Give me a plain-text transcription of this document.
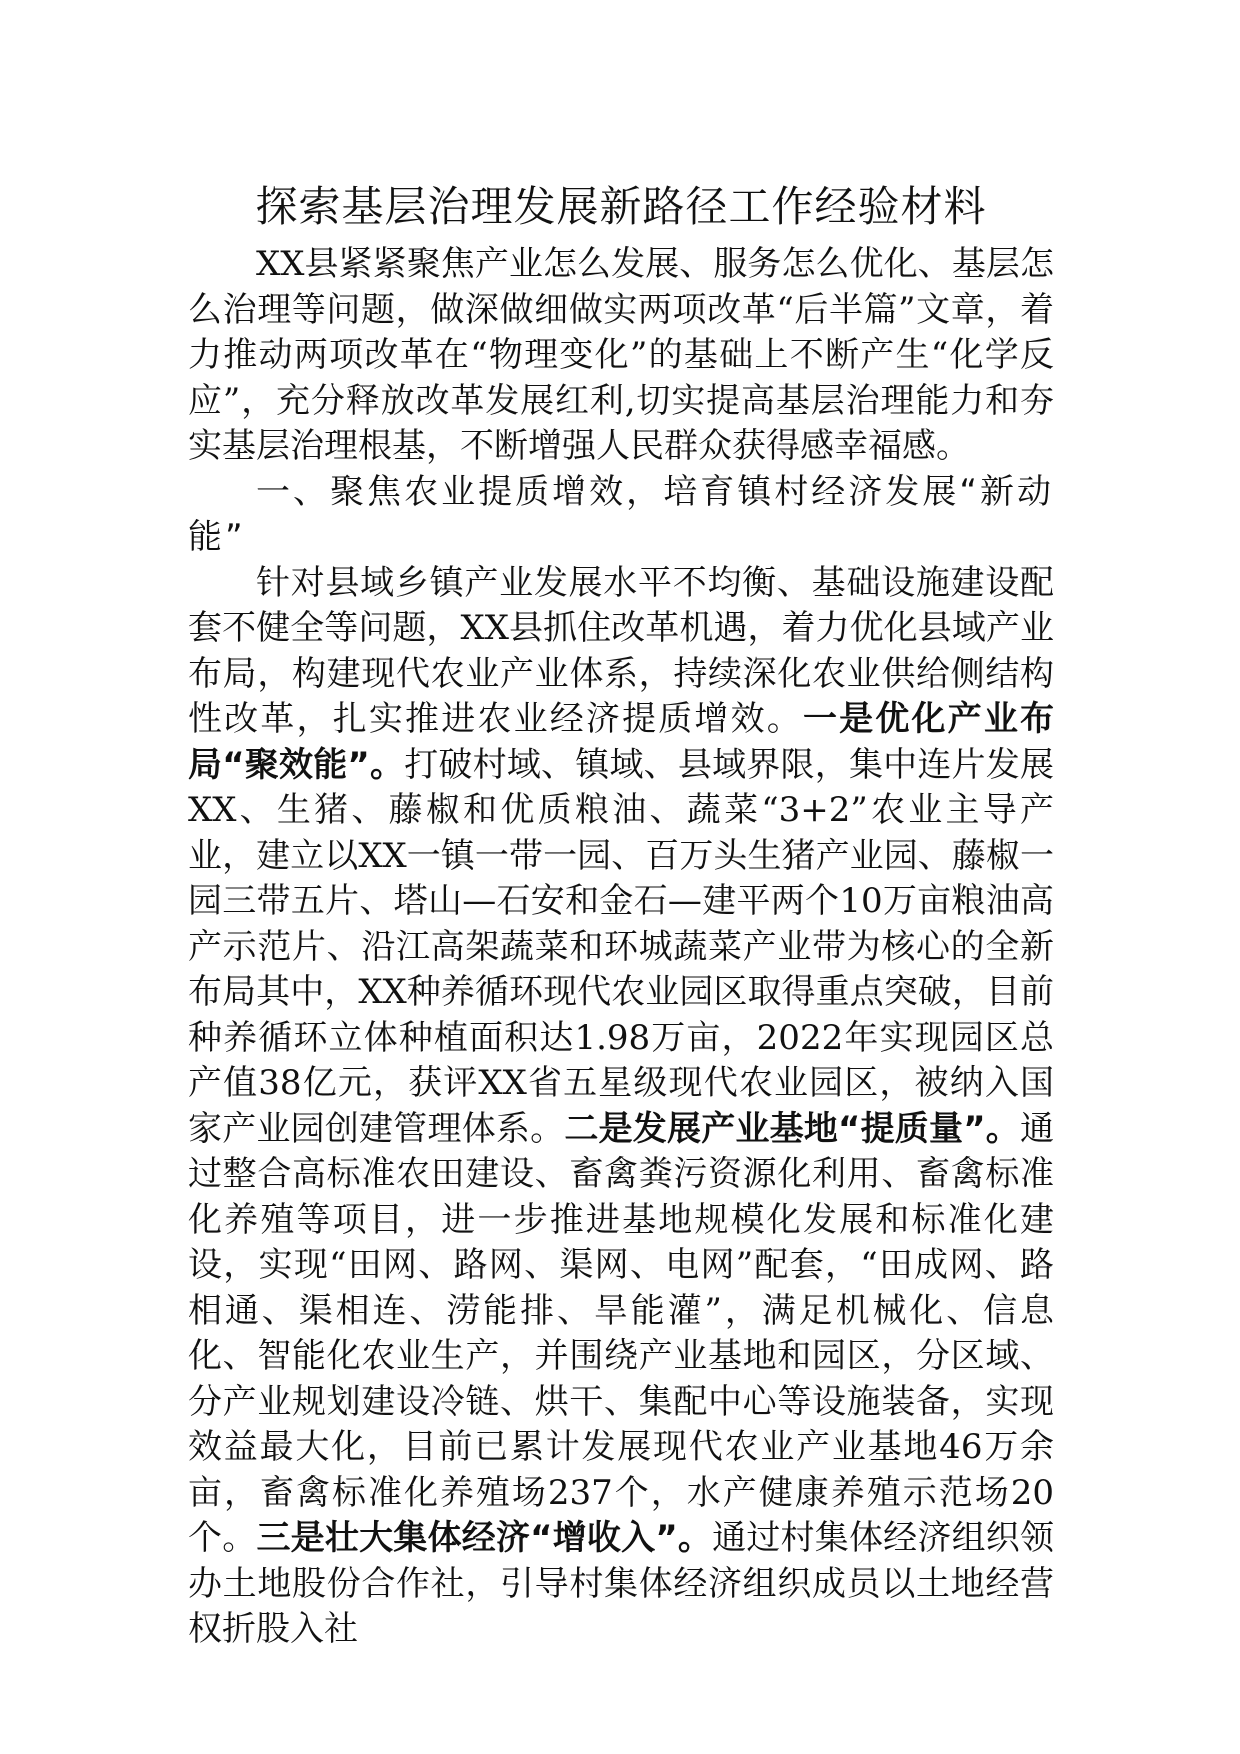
探索基层治理发展新路径工作经验材料

XX县紧紧聚焦产业怎么发展、服务怎么优化、基层怎么治理等问题，做深做细做实两项改革“后半篇”文章，着力推动两项改革在“物理变化”的基础上不断产生“化学反应”，充分释放改革发展红利,切实提高基层治理能力和夯实基层治理根基，不断增强人民群众获得感幸福感。

一、聚焦农业提质增效，培育镇村经济发展“新动能”

针对县域乡镇产业发展水平不均衡、基础设施建设配套不健全等问题，XX县抓住改革机遇，着力优化县域产业布局，构建现代农业产业体系，持续深化农业供给侧结构性改革，扎实推进农业经济提质增效。一是优化产业布局“聚效能”。打破村域、镇域、县域界限，集中连片发展XX、生猪、藤椒和优质粮油、蔬菜“3+2”农业主导产业，建立以XX一镇一带一园、百万头生猪产业园、藤椒一园三带五片、塔山—石安和金石—建平两个10万亩粮油高产示范片、沿江高架蔬菜和环城蔬菜产业带为核心的全新布局其中，XX种养循环现代农业园区取得重点突破，目前种养循环立体种植面积达1.98万亩，2022年实现园区总产值38亿元，获评XX省五星级现代农业园区，被纳入国家产业园创建管理体系。二是发展产业基地“提质量”。通过整合高标准农田建设、畜禽粪污资源化利用、畜禽标准化养殖等项目，进一步推进基地规模化发展和标准化建设，实现“田网、路网、渠网、电网”配套，“田成网、路相通、渠相连、涝能排、旱能灌”，满足机械化、信息化、智能化农业生产，并围绕产业基地和园区，分区域、分产业规划建设冷链、烘干、集配中心等设施装备，实现效益最大化，目前已累计发展现代农业产业基地46万余亩，畜禽标准化养殖场237个，水产健康养殖示范场20个。三是壮大集体经济“增收入”。通过村集体经济组织领办土地股份合作社，引导村集体经济组织成员以土地经营权折股入社
